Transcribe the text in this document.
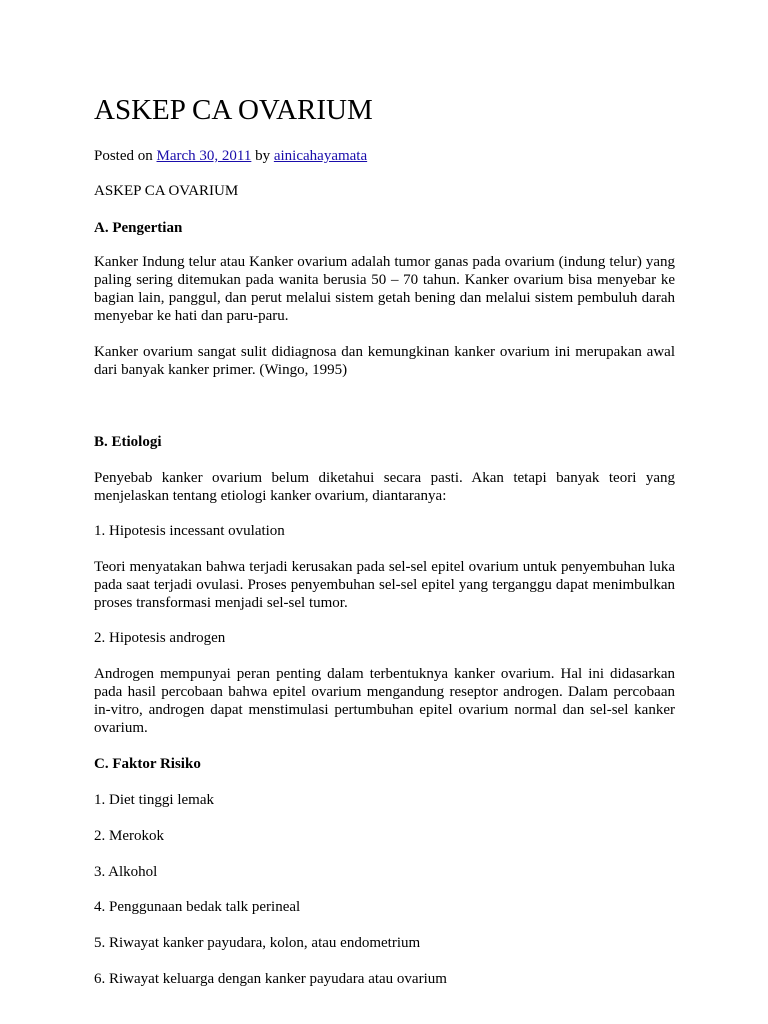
ASKEP CA OVARIUM
Posted on March 30, 2011 by ainicahayamata
ASKEP CA OVARIUM
A. Pengertian

Kanker Indung telur atau Kanker ovarium adalah tumor ganas pada ovarium (indung telur) yang paling sering ditemukan pada wanita berusia 50 – 70 tahun. Kanker ovarium bisa menyebar ke bagian lain, panggul, dan perut melalui sistem getah bening dan melalui sistem pembuluh darah menyebar ke hati dan paru-paru.

Kanker ovarium sangat sulit didiagnosa dan kemungkinan kanker ovarium ini merupakan awal dari banyak kanker primer. (Wingo, 1995)

B. Etiologi

Penyebab kanker ovarium belum diketahui secara pasti. Akan tetapi banyak teori yang menjelaskan tentang etiologi kanker ovarium, diantaranya:

1. Hipotesis incessant ovulation

Teori menyatakan bahwa terjadi kerusakan pada sel-sel epitel ovarium untuk penyembuhan luka pada saat terjadi ovulasi. Proses penyembuhan sel-sel epitel yang terganggu dapat menimbulkan proses transformasi menjadi sel-sel tumor.

2. Hipotesis androgen

Androgen mempunyai peran penting dalam terbentuknya kanker ovarium. Hal ini didasarkan pada hasil percobaan bahwa epitel ovarium mengandung reseptor androgen. Dalam percobaan in-vitro, androgen dapat menstimulasi pertumbuhan epitel ovarium normal dan sel-sel kanker ovarium.

C. Faktor Risiko
1. Diet tinggi lemak
2. Merokok
3. Alkohol
4. Penggunaan bedak talk perineal
5. Riwayat kanker payudara, kolon, atau endometrium
6. Riwayat keluarga dengan kanker payudara atau ovarium
